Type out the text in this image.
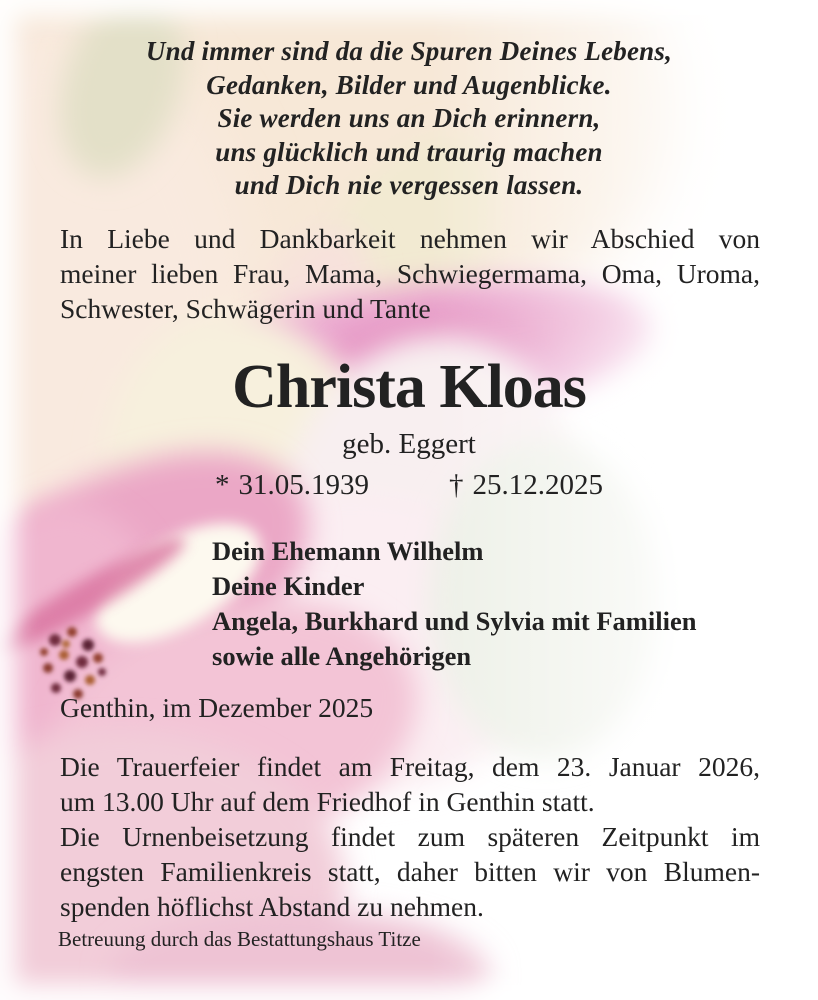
Und immer sind da die Spuren Deines Lebens,
Gedanken, Bilder und Augenblicke.
Sie werden uns an Dich erinnern,
uns glücklich und traurig machen
und Dich nie vergessen lassen.
In Liebe und Dankbarkeit nehmen wir Abschied von
meiner lieben Frau, Mama, Schwiegermama, Oma, Uroma,
Schwester, Schwägerin und Tante
Christa Kloas
geb. Eggert
* 31.05.1939	† 25.12.2025
Dein Ehemann Wilhelm
Deine Kinder
Angela, Burkhard und Sylvia mit Familien
sowie alle Angehörigen
Genthin, im Dezember 2025
Die Trauerfeier findet am Freitag, dem 23. Januar 2026,
um 13.00 Uhr auf dem Friedhof in Genthin statt.
Die Urnenbeisetzung findet zum späteren Zeitpunkt im
engsten Familienkreis statt, daher bitten wir von Blumen-
spenden höflichst Abstand zu nehmen.
Betreuung durch das Bestattungshaus Titze
